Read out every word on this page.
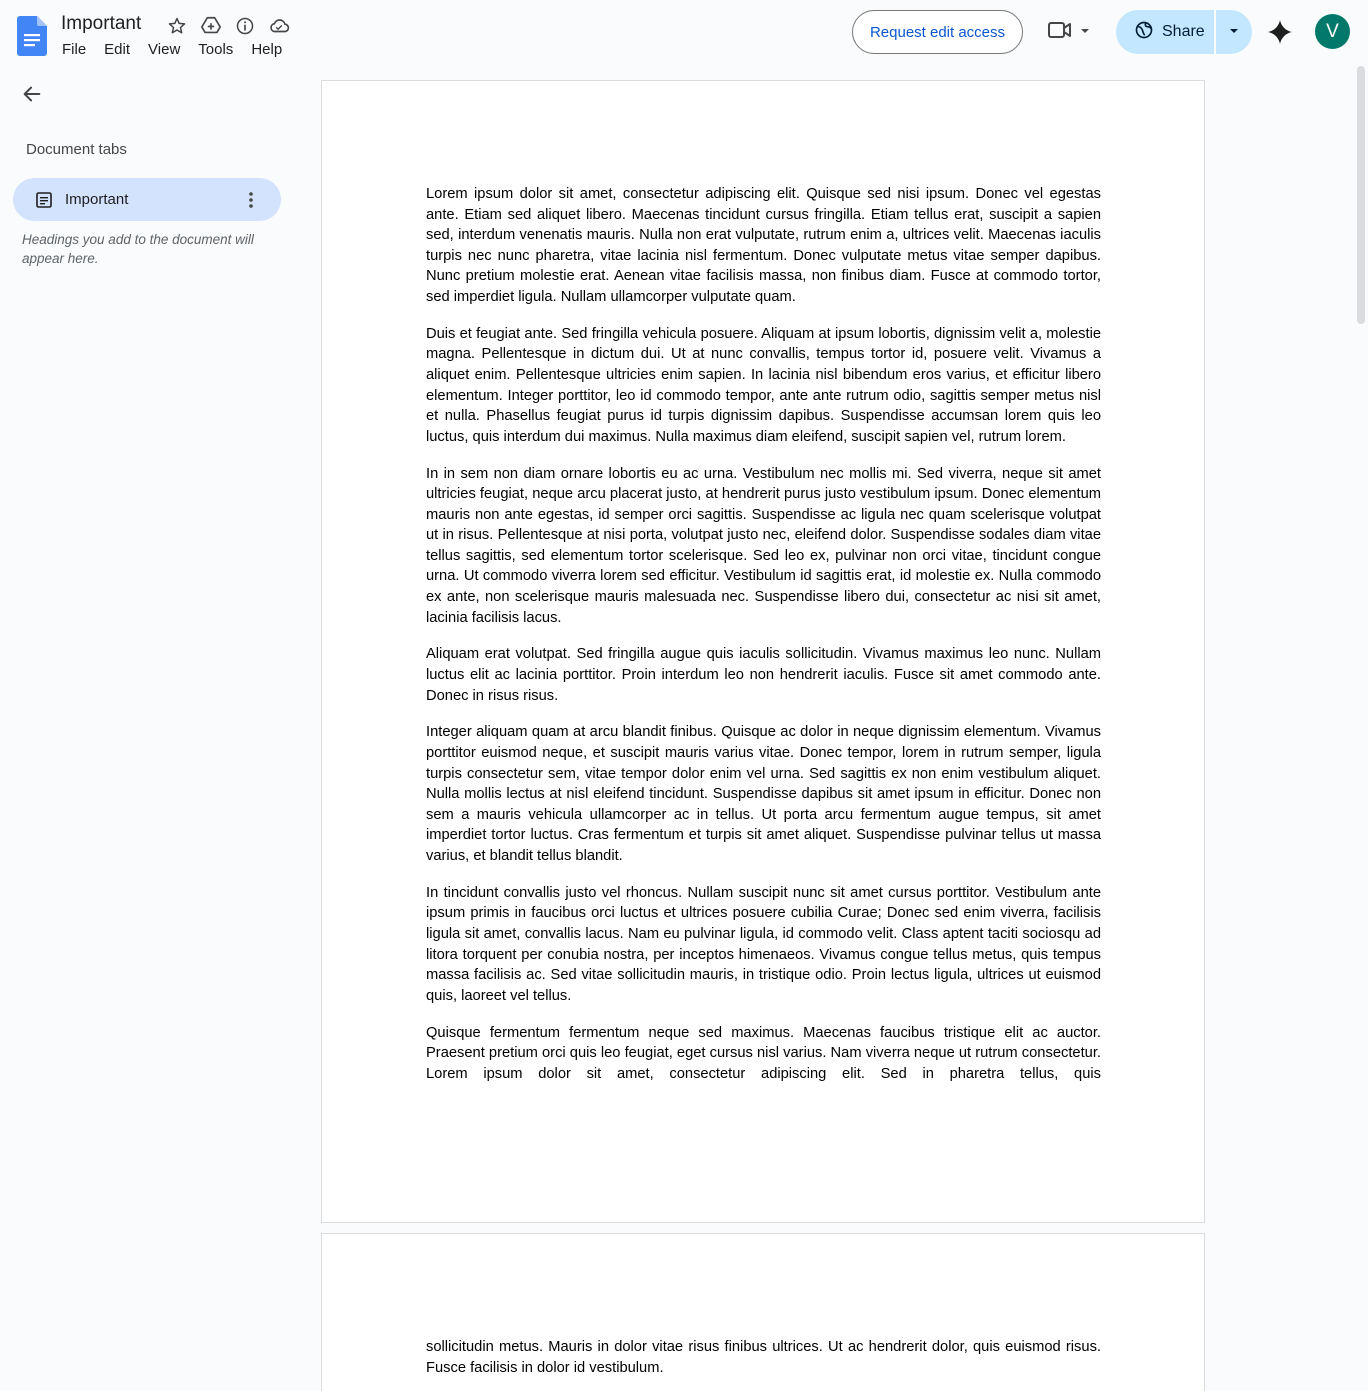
Important
File	Edit	View	Tools	Help
Request edit access	Share	V
Document tabs
Important
Headings you add to the document will appear here.

Lorem ipsum dolor sit amet, consectetur adipiscing elit. Quisque sed nisi ipsum. Donec vel egestas ante. Etiam sed aliquet libero. Maecenas tincidunt cursus fringilla. Etiam tellus erat, suscipit a sapien sed, interdum venenatis mauris. Nulla non erat vulputate, rutrum enim a, ultrices velit. Maecenas iaculis turpis nec nunc pharetra, vitae lacinia nisl fermentum. Donec vulputate metus vitae semper dapibus. Nunc pretium molestie erat. Aenean vitae facilisis massa, non finibus diam. Fusce at commodo tortor, sed imperdiet ligula. Nullam ullamcorper vulputate quam.

Duis et feugiat ante. Sed fringilla vehicula posuere. Aliquam at ipsum lobortis, dignissim velit a, molestie magna. Pellentesque in dictum dui. Ut at nunc convallis, tempus tortor id, posuere velit. Vivamus a aliquet enim. Pellentesque ultricies enim sapien. In lacinia nisl bibendum eros varius, et efficitur libero elementum. Integer porttitor, leo id commodo tempor, ante ante rutrum odio, sagittis semper metus nisl et nulla. Phasellus feugiat purus id turpis dignissim dapibus. Suspendisse accumsan lorem quis leo luctus, quis interdum dui maximus. Nulla maximus diam eleifend, suscipit sapien vel, rutrum lorem.

In in sem non diam ornare lobortis eu ac urna. Vestibulum nec mollis mi. Sed viverra, neque sit amet ultricies feugiat, neque arcu placerat justo, at hendrerit purus justo vestibulum ipsum. Donec elementum mauris non ante egestas, id semper orci sagittis. Suspendisse ac ligula nec quam scelerisque volutpat ut in risus. Pellentesque at nisi porta, volutpat justo nec, eleifend dolor. Suspendisse sodales diam vitae tellus sagittis, sed elementum tortor scelerisque. Sed leo ex, pulvinar non orci vitae, tincidunt congue urna. Ut commodo viverra lorem sed efficitur. Vestibulum id sagittis erat, id molestie ex. Nulla commodo ex ante, non scelerisque mauris malesuada nec. Suspendisse libero dui, consectetur ac nisi sit amet, lacinia facilisis lacus.

Aliquam erat volutpat. Sed fringilla augue quis iaculis sollicitudin. Vivamus maximus leo nunc. Nullam luctus elit ac lacinia porttitor. Proin interdum leo non hendrerit iaculis. Fusce sit amet commodo ante. Donec in risus risus.

Integer aliquam quam at arcu blandit finibus. Quisque ac dolor in neque dignissim elementum. Vivamus porttitor euismod neque, et suscipit mauris varius vitae. Donec tempor, lorem in rutrum semper, ligula turpis consectetur sem, vitae tempor dolor enim vel urna. Sed sagittis ex non enim vestibulum aliquet. Nulla mollis lectus at nisl eleifend tincidunt. Suspendisse dapibus sit amet ipsum in efficitur. Donec non sem a mauris vehicula ullamcorper ac in tellus. Ut porta arcu fermentum augue tempus, sit amet imperdiet tortor luctus. Cras fermentum et turpis sit amet aliquet. Suspendisse pulvinar tellus ut massa varius, et blandit tellus blandit.

In tincidunt convallis justo vel rhoncus. Nullam suscipit nunc sit amet cursus porttitor. Vestibulum ante ipsum primis in faucibus orci luctus et ultrices posuere cubilia Curae; Donec sed enim viverra, facilisis ligula sit amet, convallis lacus. Nam eu pulvinar ligula, id commodo velit. Class aptent taciti sociosqu ad litora torquent per conubia nostra, per inceptos himenaeos. Vivamus congue tellus metus, quis tempus massa facilisis ac. Sed vitae sollicitudin mauris, in tristique odio. Proin lectus ligula, ultrices ut euismod quis, laoreet vel tellus.

Quisque fermentum fermentum neque sed maximus. Maecenas faucibus tristique elit ac auctor. Praesent pretium orci quis leo feugiat, eget cursus nisl varius. Nam viverra neque ut rutrum consectetur. Lorem ipsum dolor sit amet, consectetur adipiscing elit. Sed in pharetra tellus, quis

sollicitudin metus. Mauris in dolor vitae risus finibus ultrices. Ut ac hendrerit dolor, quis euismod risus. Fusce facilisis in dolor id vestibulum.
